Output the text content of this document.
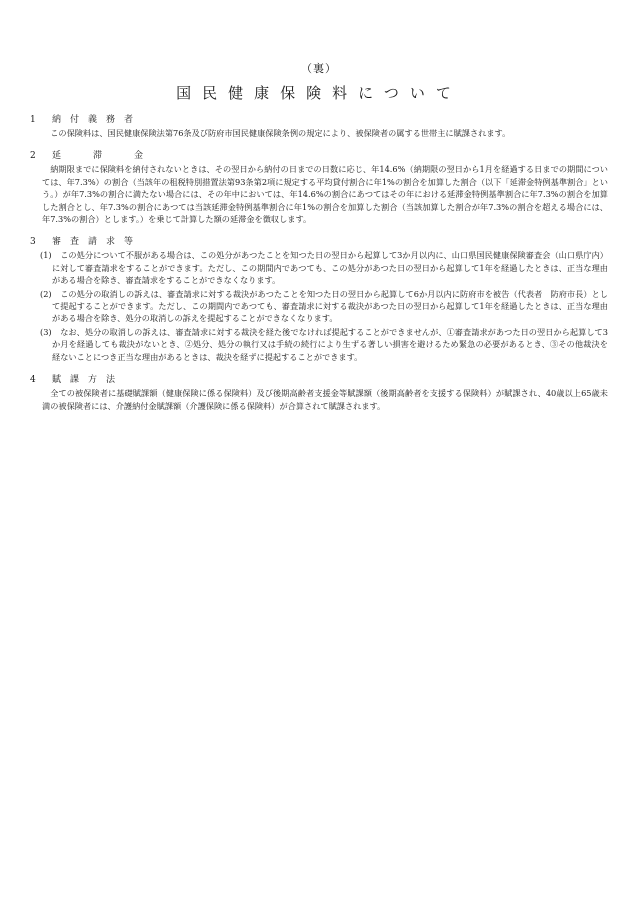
（裏）
国民健康保険料について
1	納付義務者

この保険料は、国民健康保険法第76条及び防府市国民健康保険条例の規定により、被保険者の属する世帯主に賦課されます。

2	延滞金

納期限までに保険料を納付されないときは、その翌日から納付の日までの日数に応じ、年14.6%（納期限の翌日から1月を経過する日までの期間については、年7.3%）の割合（当該年の租税特別措置法第93条第2項に規定する平均貸付割合に年1%の割合を加算した割合（以下「延滞金特例基準割合」という。）が年7.3%の割合に満たない場合には、その年中においては、年14.6%の割合にあつてはその年における延滞金特例基準割合に年7.3%の割合を加算した割合とし、年7.3%の割合にあつては当該延滞金特例基準割合に年1%の割合を加算した割合（当該加算した割合が年7.3%の割合を超える場合には、年7.3%の割合）とします。）を乗じて計算した額の延滞金を徴収します。

3	審査請求等
(1)	この処分について不服がある場合は、この処分があつたことを知つた日の翌日から起算して3か月以内に、山口県国民健康保険審査会（山口県庁内）に対して審査請求をすることができます。ただし、この期間内であつても、この処分があつた日の翌日から起算して1年を経過したときは、正当な理由がある場合を除き、審査請求をすることができなくなります。
(2)	この処分の取消しの訴えは、審査請求に対する裁決があつたことを知つた日の翌日から起算して6か月以内に防府市を被告（代表者　防府市長）として提起することができます。ただし、この期間内であつても、審査請求に対する裁決があつた日の翌日から起算して1年を経過したときは、正当な理由がある場合を除き、処分の取消しの訴えを提起することができなくなります。
(3)	なお、処分の取消しの訴えは、審査請求に対する裁決を経た後でなければ提起することができませんが、①審査請求があつた日の翌日から起算して3か月を経過しても裁決がないとき、②処分、処分の執行又は手続の続行により生ずる著しい損害を避けるため緊急の必要があるとき、③その他裁決を経ないことにつき正当な理由があるときは、裁決を経ずに提起することができます。
4	賦課方法

全ての被保険者に基礎賦課額（健康保険に係る保険料）及び後期高齢者支援金等賦課額（後期高齢者を支援する保険料）が賦課され、40歳以上65歳未満の被保険者には、介護納付金賦課額（介護保険に係る保険料）が合算されて賦課されます。
